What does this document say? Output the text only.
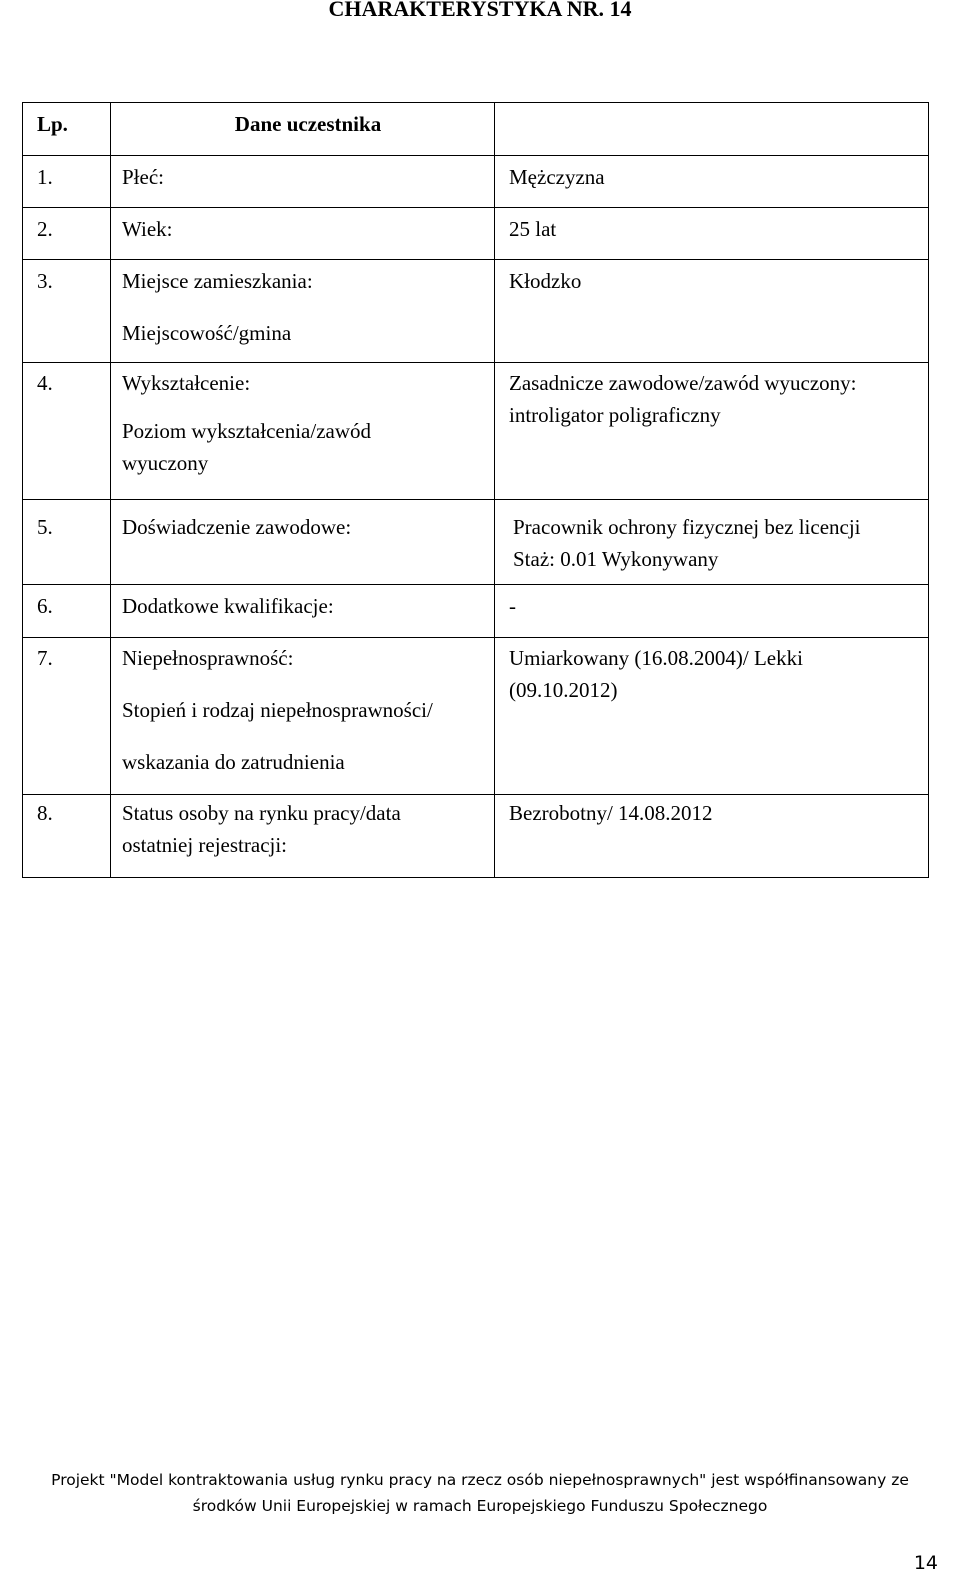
CHARAKTERYSTYKA NR. 14
Lp.	Dane uczestnika	
1.	Płeć:	Mężczyzna

2.	Wiek:	25 lat

3.	Miejsce zamieszkania:
Miejscowość/gmina	Kłodzko

4.	Wykształcenie:
Poziom wykształcenia/zawód
wyuczony	Zasadnicze zawodowe/zawód wyuczony:
introligator poligraficzny

5.	Doświadczenie zawodowe:	Pracownik ochrony fizycznej bez licencji
Staż: 0.01 Wykonywany

6.	Dodatkowe kwalifikacje:	-

7.	Niepełnosprawność:
Stopień i rodzaj niepełnosprawności/
wskazania do zatrudnienia	Umiarkowany (16.08.2004)/ Lekki
(09.10.2012)

8.	Status osoby na rynku pracy/data
ostatniej rejestracji:	Bezrobotny/ 14.08.2012
Projekt "Model kontraktowania usług rynku pracy na rzecz osób niepełnosprawnych" jest współfinansowany ze
środków Unii Europejskiej w ramach Europejskiego Funduszu Społecznego
14
